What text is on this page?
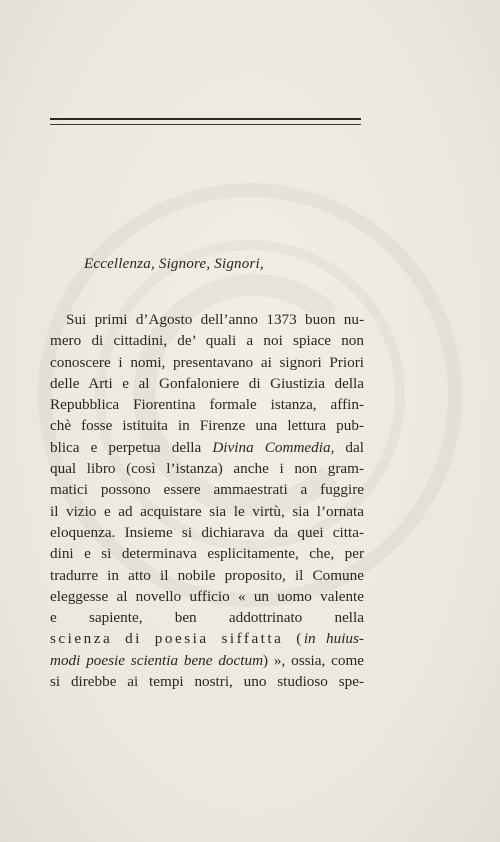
Eccellenza, Signore, Signori,
Sui primi d’Agosto dell’anno 1373 buon nu-
mero di cittadini, de’ quali a noi spiace non
conoscere i nomi, presentavano ai signori Priori
delle Arti e al Gonfaloniere di Giustizia della
Repubblica Fiorentina formale istanza, affin-
chè fosse istituita in Firenze una lettura pub-
blica e perpetua della Divina Commedia, dal
qual libro (così l’istanza) anche i non gram-
matici possono essere ammaestrati a fuggire
il vizio e ad acquistare sia le virtù, sia l’ornata
eloquenza. Insieme si dichiarava da quei citta-
dini e si determinava esplicitamente, che, per
tradurre in atto il nobile proposito, il Comune
eleggesse al novello ufficio « un uomo valente
e sapiente, ben addottrinato nella
scienza di poesia siffatta (in huius-
modi poesie scientia bene doctum) », ossia, come
si direbbe ai tempi nostri, uno studioso spe-
